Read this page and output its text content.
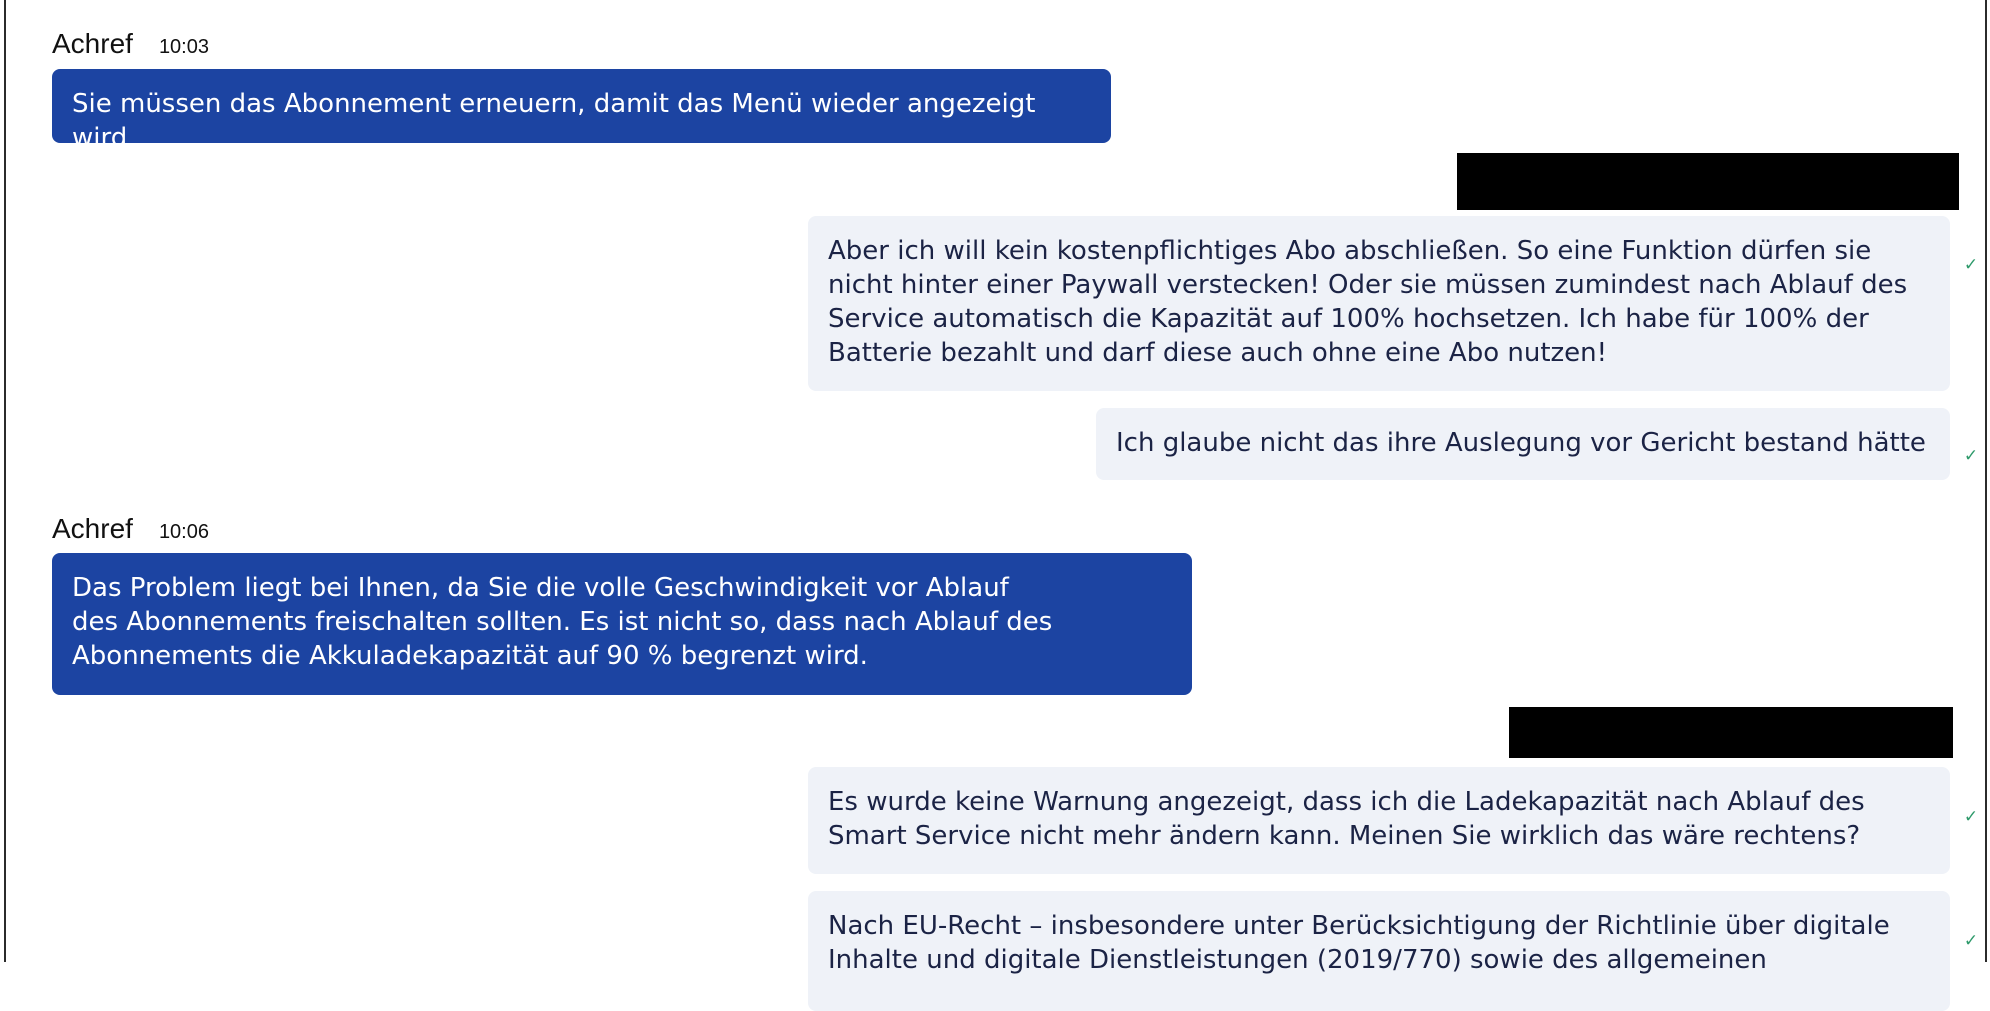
Achref 10:03
Sie müssen das Abonnement erneuern, damit das Menü wieder angezeigt wird
Aber ich will kein kostenpflichtiges Abo abschließen. So eine Funktion dürfen sie nicht hinter einer Paywall verstecken! Oder sie müssen zumindest nach Ablauf des Service automatisch die Kapazität auf 100% hochsetzen. Ich habe für 100% der Batterie bezahlt und darf diese auch ohne eine Abo nutzen!
✓
Ich glaube nicht das ihre Auslegung vor Gericht bestand hätte	✓
Achref 10:06
Das Problem liegt bei Ihnen, da Sie die volle Geschwindigkeit vor Ablauf des Abonnements freischalten sollten. Es ist nicht so, dass nach Ablauf des Abonnements die Akkuladekapazität auf 90 % begrenzt wird.
Es wurde keine Warnung angezeigt, dass ich die Ladekapazität nach Ablauf des Smart Service nicht mehr ändern kann. Meinen Sie wirklich das wäre rechtens?
✓
Nach EU-Recht – insbesondere unter Berücksichtigung der Richtlinie über digitale Inhalte und digitale Dienstleistungen (2019/770) sowie des allgemeinen
✓
